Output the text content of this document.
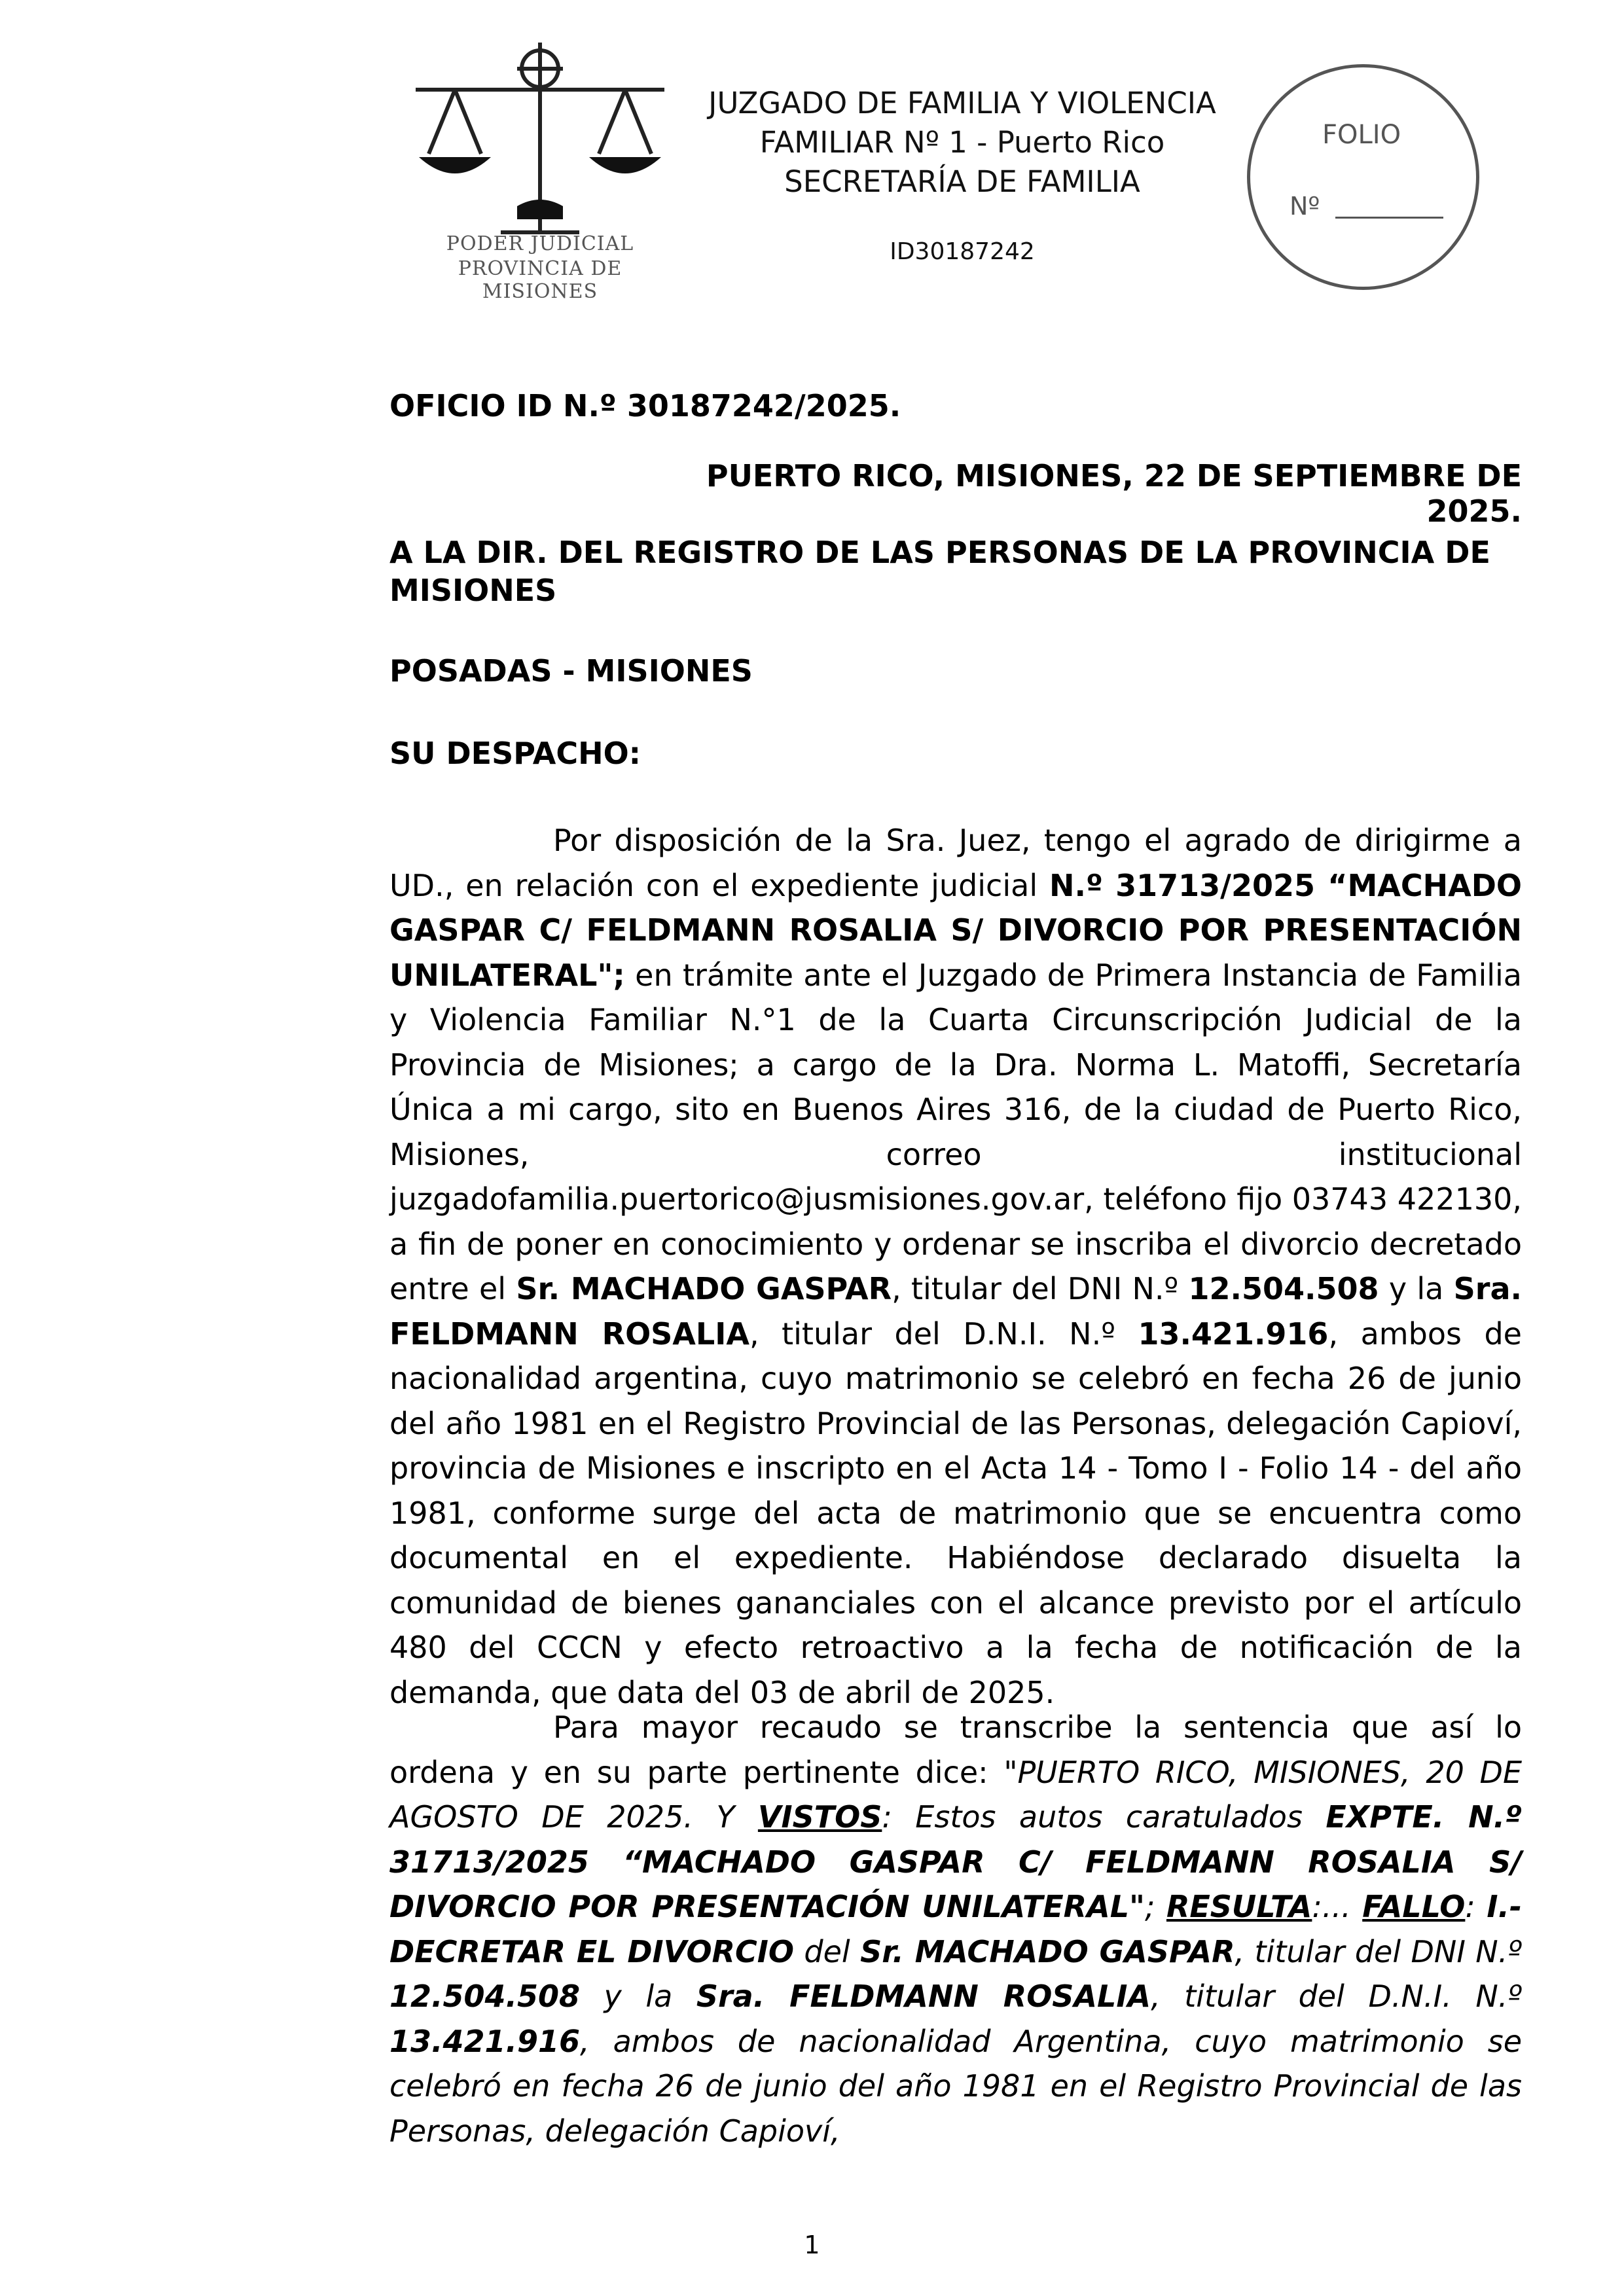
PODER JUDICIAL
PROVINCIA DE MISIONES
JUZGADO DE FAMILIA Y VIOLENCIA
FAMILIAR Nº 1 - Puerto Rico
SECRETARÍA DE FAMILIA
ID30187242
FOLIO
Nº
OFICIO ID N.º 30187242/2025.
PUERTO RICO, MISIONES, 22 DE SEPTIEMBRE DE 2025.
A LA DIR. DEL REGISTRO DE LAS PERSONAS DE LA PROVINCIA DE MISIONES
POSADAS - MISIONES
SU DESPACHO:
Por disposición de la Sra. Juez, tengo el agrado de dirigirme a UD., en relación con el expediente judicial N.º 31713/2025 “MACHADO GASPAR C/ FELDMANN ROSALIA S/ DIVORCIO POR PRESENTACIÓN UNILATERAL"; en trámite ante el Juzgado de Primera Instancia de Familia y Violencia Familiar N.°1 de la Cuarta Circunscripción Judicial de la Provincia de Misiones; a cargo de la Dra. Norma L. Matoffi, Secretaría Única a mi cargo, sito en Buenos Aires 316, de la ciudad de Puerto Rico, Misiones, correo institucional juzgadofamilia.puertorico@jusmisiones.gov.ar, teléfono fijo 03743 422130, a fin de poner en conocimiento y ordenar se inscriba el divorcio decretado entre el Sr. MACHADO GASPAR, titular del DNI N.º 12.504.508 y la Sra. FELDMANN ROSALIA, titular del D.N.I. N.º 13.421.916, ambos de nacionalidad argentina, cuyo matrimonio se celebró en fecha 26 de junio del año 1981 en el Registro Provincial de las Personas, delegación Capioví, provincia de Misiones e inscripto en el Acta 14 - Tomo I - Folio 14 - del año 1981, conforme surge del acta de matrimonio que se encuentra como documental en el expediente. Habiéndose declarado disuelta la comunidad de bienes gananciales con el alcance previsto por el artículo 480 del CCCN y efecto retroactivo a la fecha de notificación de la demanda, que data del 03 de abril de 2025.
Para mayor recaudo se transcribe la sentencia que así lo ordena y en su parte pertinente dice: "PUERTO RICO, MISIONES, 20 DE AGOSTO DE 2025. Y VISTOS: Estos autos caratulados EXPTE. N.º 31713/2025 “MACHADO GASPAR C/ FELDMANN ROSALIA S/ DIVORCIO POR PRESENTACIÓN UNILATERAL"; RESULTA:... FALLO: I.- DECRETAR EL DIVORCIO del Sr. MACHADO GASPAR, titular del DNI N.º 12.504.508 y la Sra. FELDMANN ROSALIA, titular del D.N.I. N.º 13.421.916, ambos de nacionalidad Argentina, cuyo matrimonio se celebró en fecha 26 de junio del año 1981 en el Registro Provincial de las Personas, delegación Capioví,
1
